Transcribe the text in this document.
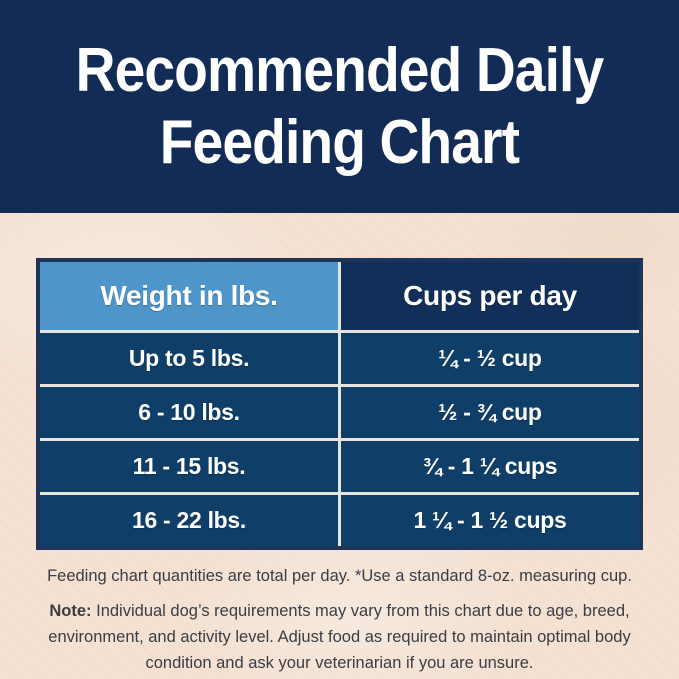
Recommended Daily
Feeding Chart
Weight in lbs.	Cups per day
Up to 5 lbs.	¼ - ½ cup
6 - 10 lbs.	½ - ¾ cup
11 - 15 lbs.	¾ - 1 ¼ cups
16 - 22 lbs.	1 ¼ - 1 ½ cups
Feeding chart quantities are total per day. *Use a standard 8-oz. measuring cup.
Note: Individual dog’s requirements may vary from this chart due to age, breed, environment, and activity level. Adjust food as required to maintain optimal body condition and ask your veterinarian if you are unsure.
